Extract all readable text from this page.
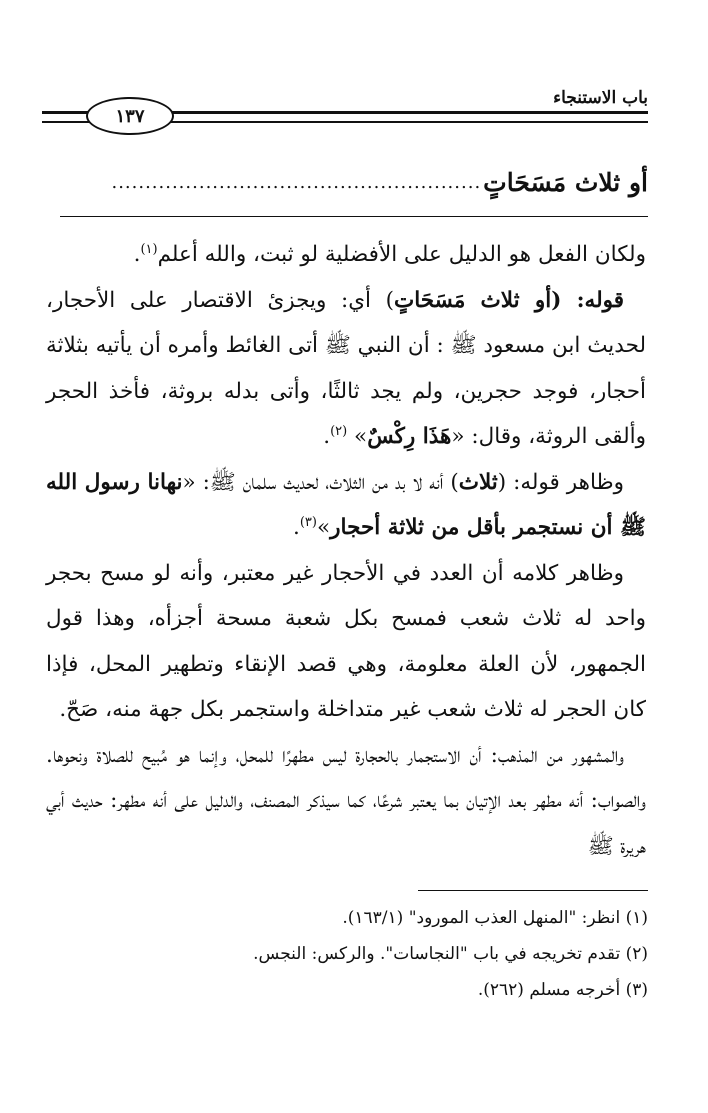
باب الاستنجاء
١٣٧
أو ثلاث مَسَحَاتٍ
.......................................................

ولكان الفعل هو الدليل على الأفضلية لو ثبت، والله أعلم$^{(١)}$.

قوله: (أو ثلاث مَسَحَاتٍ) أي: ويجزئ الاقتصار على الأحجار، لحديث ابن مسعود ﷺ : أن النبي ﷺ أتى الغائط وأمره أن يأتيه بثلاثة أحجار، فوجد حجرين، ولم يجد ثالثًا، وأتى بدله بروثة، فأخذ الحجر وألقى الروثة، وقال: «هَذَا رِكْسٌ» $^{(٢)}$.

وظاهر قوله: (ثلاث) أنه لا بد من الثلاث، لحديث سلمان ﷺ: «نهانا رسول الله ﷺ أن نستجمر بأقل من ثلاثة أحجار»$^{(٣)}$.

وظاهر كلامه أن العدد في الأحجار غير معتبر، وأنه لو مسح بحجر واحد له ثلاث شعب فمسح بكل شعبة مسحة أجزأه، وهذا قول الجمهور، لأن العلة معلومة، وهي قصد الإنقاء وتطهير المحل، فإذا كان الحجر له ثلاث شعب غير متداخلة واستجمر بكل جهة منه، صَحّ.

والمشهور من المذهب: أن الاستجمار بالحجارة ليس مطهرًا للمحل، وإنما هو مُبيح للصلاة ونحوها. والصواب: أنه مطهر بعد الإتيان بما يعتبر شرعًا، كما سيذكر المصنف، والدليل على أنه مطهر: حديث أبي هريرة ﷺ

(١) انظر: "المنهل العذب المورود" (١٦٣/١).
(٢) تقدم تخريجه في باب "النجاسات". والركس: النجس.
(٣) أخرجه مسلم (٢٦٢).
